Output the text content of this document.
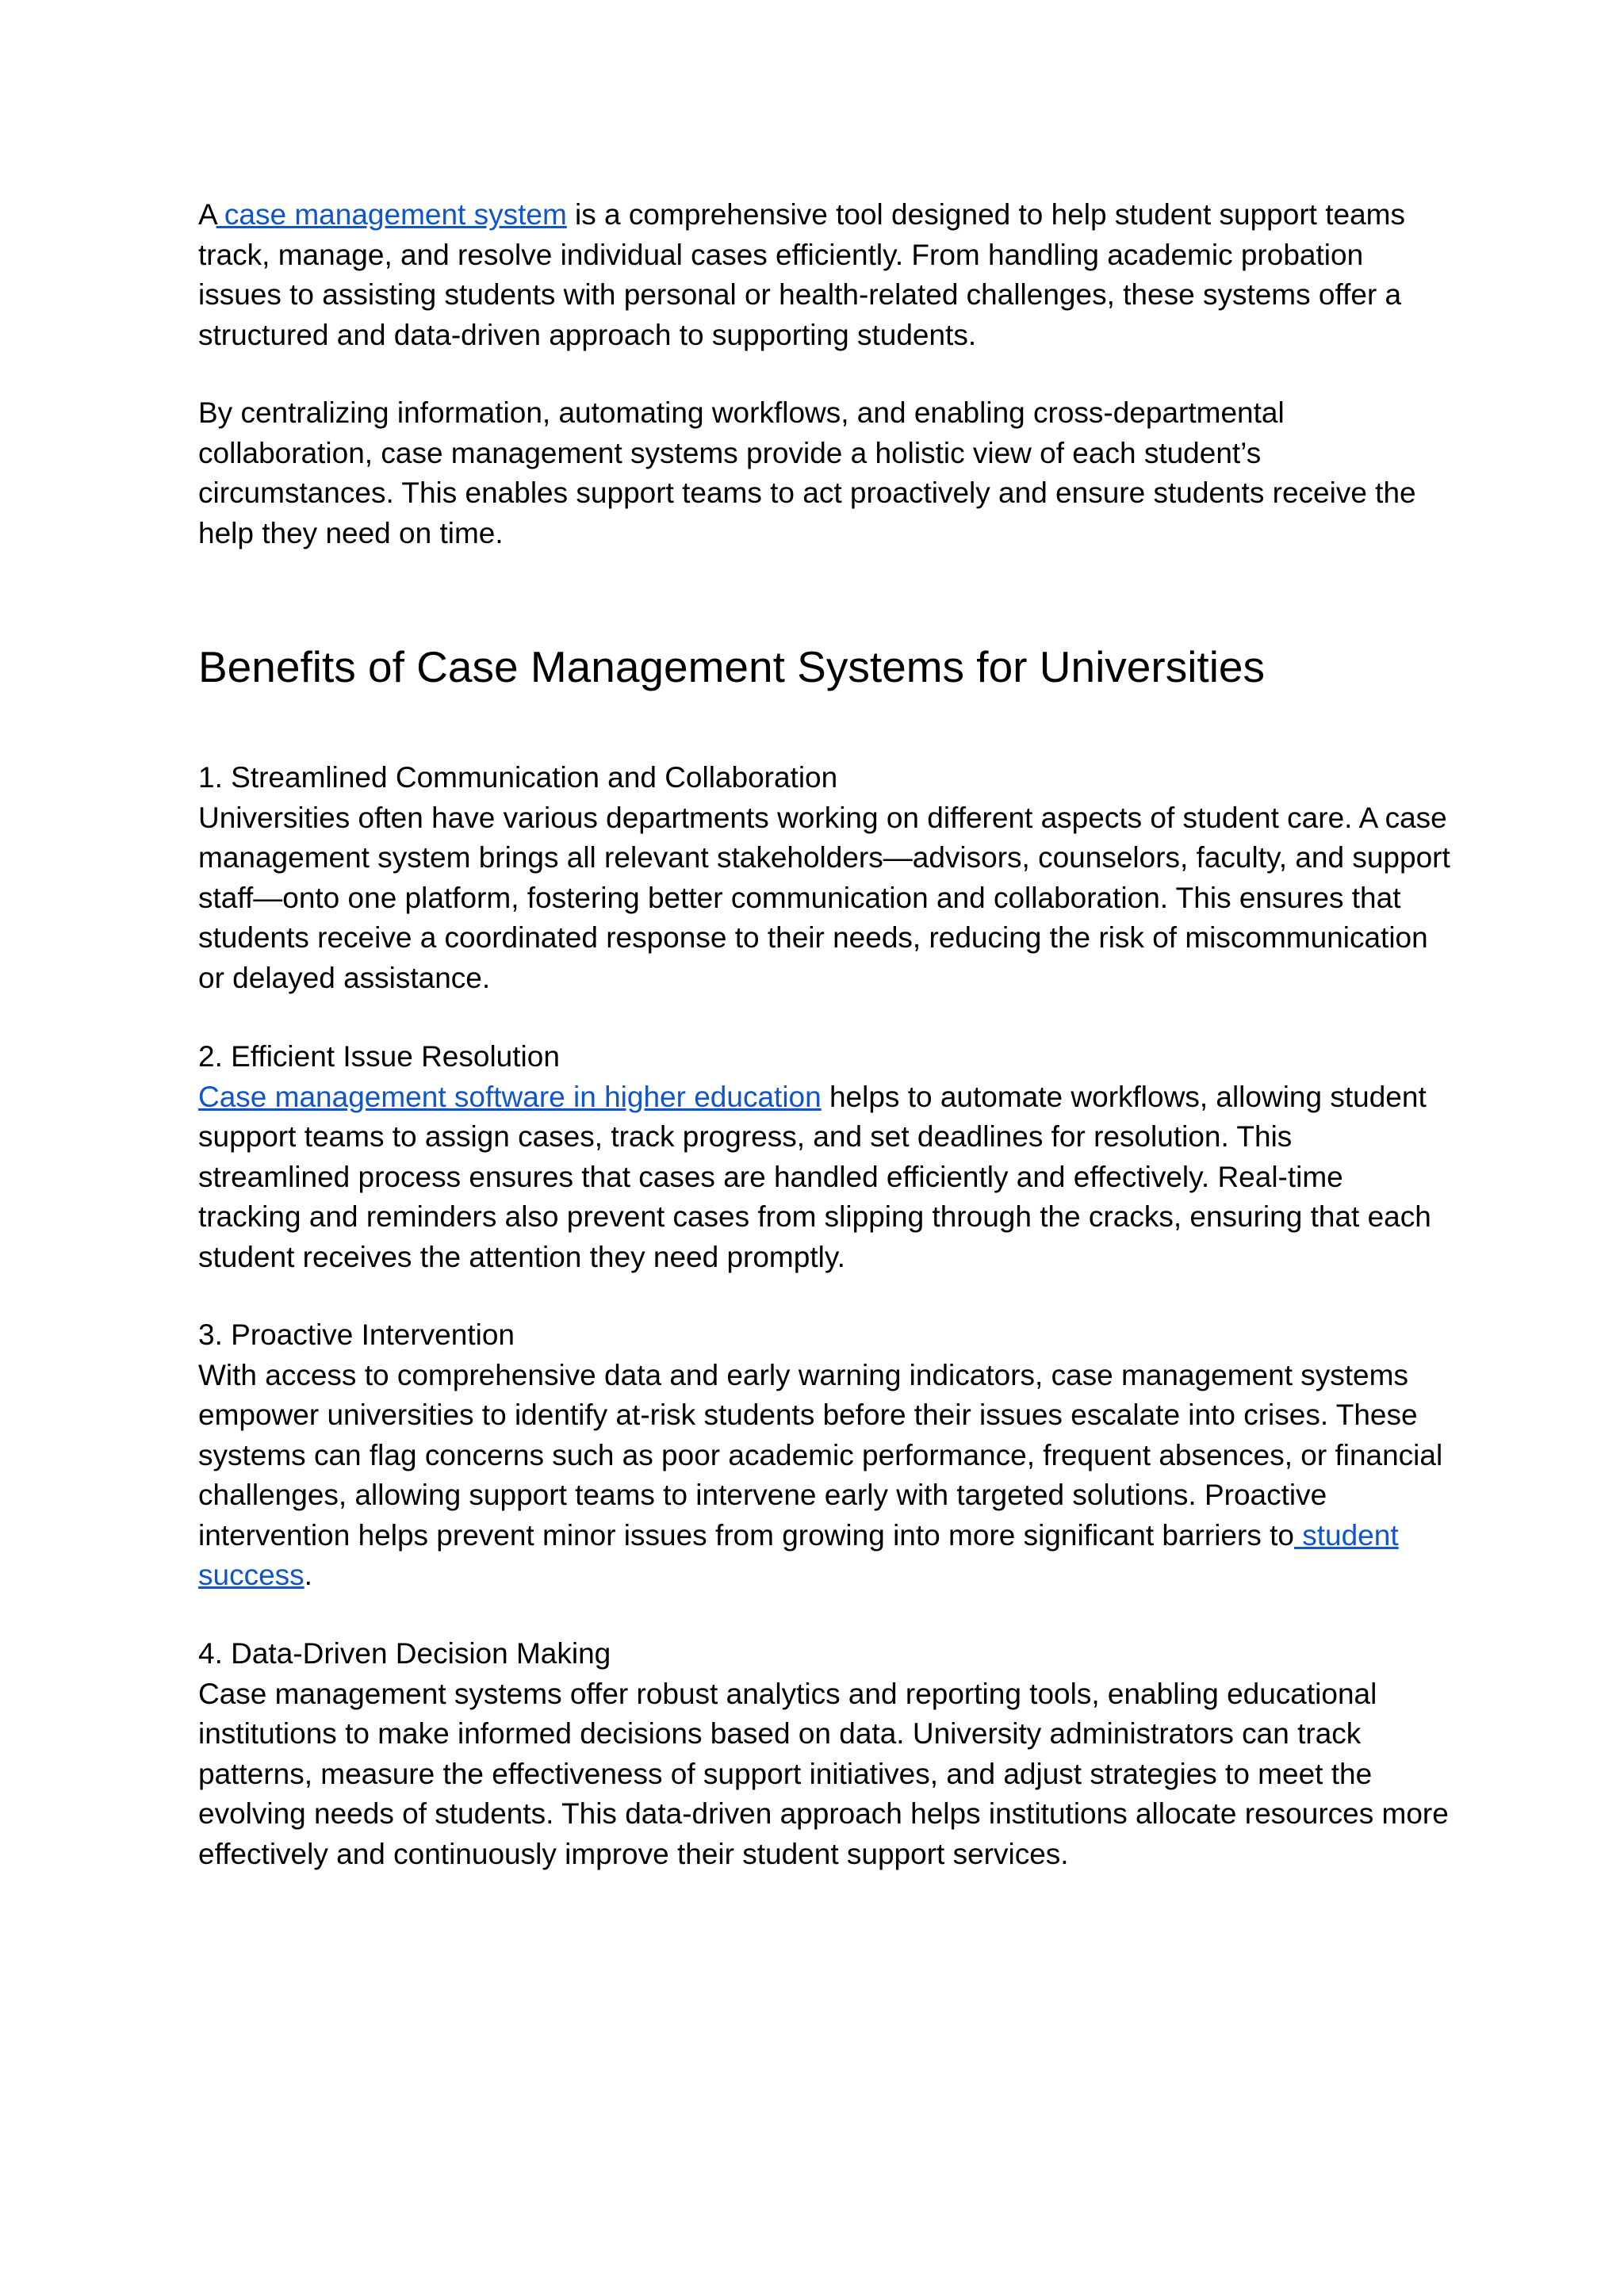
A case management system is a comprehensive tool designed to help student support teams track, manage, and resolve individual cases efficiently. From handling academic probation issues to assisting students with personal or health-related challenges, these systems offer a structured and data-driven approach to supporting students.

By centralizing information, automating workflows, and enabling cross-departmental collaboration, case management systems provide a holistic view of each student’s circumstances. This enables support teams to act proactively and ensure students receive the help they need on time.

Benefits of Case Management Systems for Universities

1. Streamlined Communication and Collaboration
Universities often have various departments working on different aspects of student care. A case management system brings all relevant stakeholders—advisors, counselors, faculty, and support staff—onto one platform, fostering better communication and collaboration. This ensures that students receive a coordinated response to their needs, reducing the risk of miscommunication or delayed assistance.

2. Efficient Issue Resolution
Case management software in higher education helps to automate workflows, allowing student support teams to assign cases, track progress, and set deadlines for resolution. This streamlined process ensures that cases are handled efficiently and effectively. Real-time tracking and reminders also prevent cases from slipping through the cracks, ensuring that each student receives the attention they need promptly.

3. Proactive Intervention
With access to comprehensive data and early warning indicators, case management systems empower universities to identify at-risk students before their issues escalate into crises. These systems can flag concerns such as poor academic performance, frequent absences, or financial challenges, allowing support teams to intervene early with targeted solutions. Proactive intervention helps prevent minor issues from growing into more significant barriers to student success.

4. Data-Driven Decision Making
Case management systems offer robust analytics and reporting tools, enabling educational institutions to make informed decisions based on data. University administrators can track patterns, measure the effectiveness of support initiatives, and adjust strategies to meet the evolving needs of students. This data-driven approach helps institutions allocate resources more effectively and continuously improve their student support services.
